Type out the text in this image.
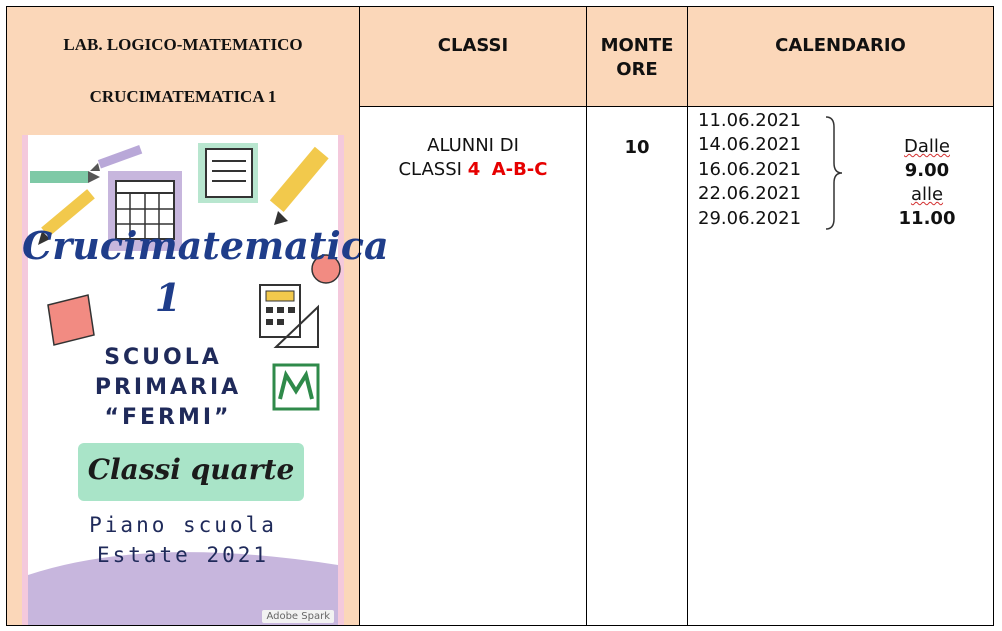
LAB. LOGICO-MATEMATICO
CRUCIMATEMATICA 1
Crucimatematica
1
SCUOLA
PRIMARIA
“FERMI”
Classi quarte
Piano scuola
Estate 2021
Adobe Spark
CLASSI	MONTE
ORE
CALENDARIO
ALUNNI DI
CLASSI 4 A-B-C
10
11.06.2021
14.06.2021
16.06.2021
22.06.2021
29.06.2021
Dalle
9.00
alle
11.00
